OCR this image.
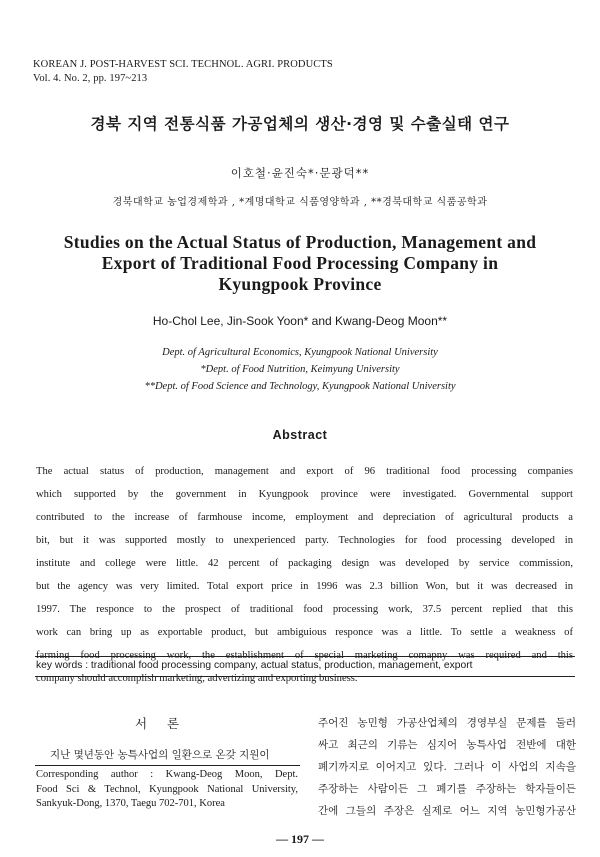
KOREAN J. POST-HARVEST SCI. TECHNOL. AGRI. PRODUCTS
Vol. 4. No. 2, pp. 197~213
경북 지역 전통식품 가공업체의 생산·경영 및 수출실태 연구
이호철·윤진숙*·문광덕**
경북대학교 농업경제학과 , *계명대학교 식품영양학과 , **경북대학교 식품공학과
Studies on the Actual Status of Production, Management and
Export of Traditional Food Processing Company in
Kyungpook Province
Ho-Chol Lee, Jin-Sook Yoon* and Kwang-Deog Moon**
Dept. of Agricultural Economics, Kyungpook National University
*Dept. of Food Nutrition, Keimyung University
**Dept. of Food Science and Technology, Kyungpook National University
Abstract
The actual status of production, management and export of 96 traditional food processing companies
which supported by the government in Kyungpook province were investigated. Governmental support
contributed to the increase of farmhouse income, employment and depreciation of agricultural products a
bit, but it was supported mostly to unexperienced party. Technologies for food processing developed in
institute and college were little. 42 percent of packaging design was developed by service commission,
but the agency was very limited. Total export price in 1996 was 2.3 billion Won, but it was decreased in
1997. The responce to the prospect of traditional food processing work, 37.5 percent replied that this
work can bring up as exportable product, but ambiguious responce was a little. To settle a weakness of
farming food processing work, the establishment of special marketing comapny was required and this
company should accomplish marketing, advertizing and exporting business.
key words : traditional food processing company, actual status, production, management, export
서 론
지난 몇년동안 농특사업의 일환으로 온갖 지원이
Corresponding author : Kwang-Deog Moon, Dept.
Food Sci & Technol, Kyungpook National University,
Sankyuk-Dong, 1370, Taegu 702-701, Korea
주어진 농민형 가공산업체의 경영부실 문제를 둘러
싸고 최근의 기류는 심지어 농특사업 전반에 대한
폐기까지로 이어지고 있다. 그러나 이 사업의 지속을
주장하는 사람이든 그 폐기를 주장하는 학자들이든
간에 그들의 주장은 실제로 어느 지역 농민형가공산
— 197 —
